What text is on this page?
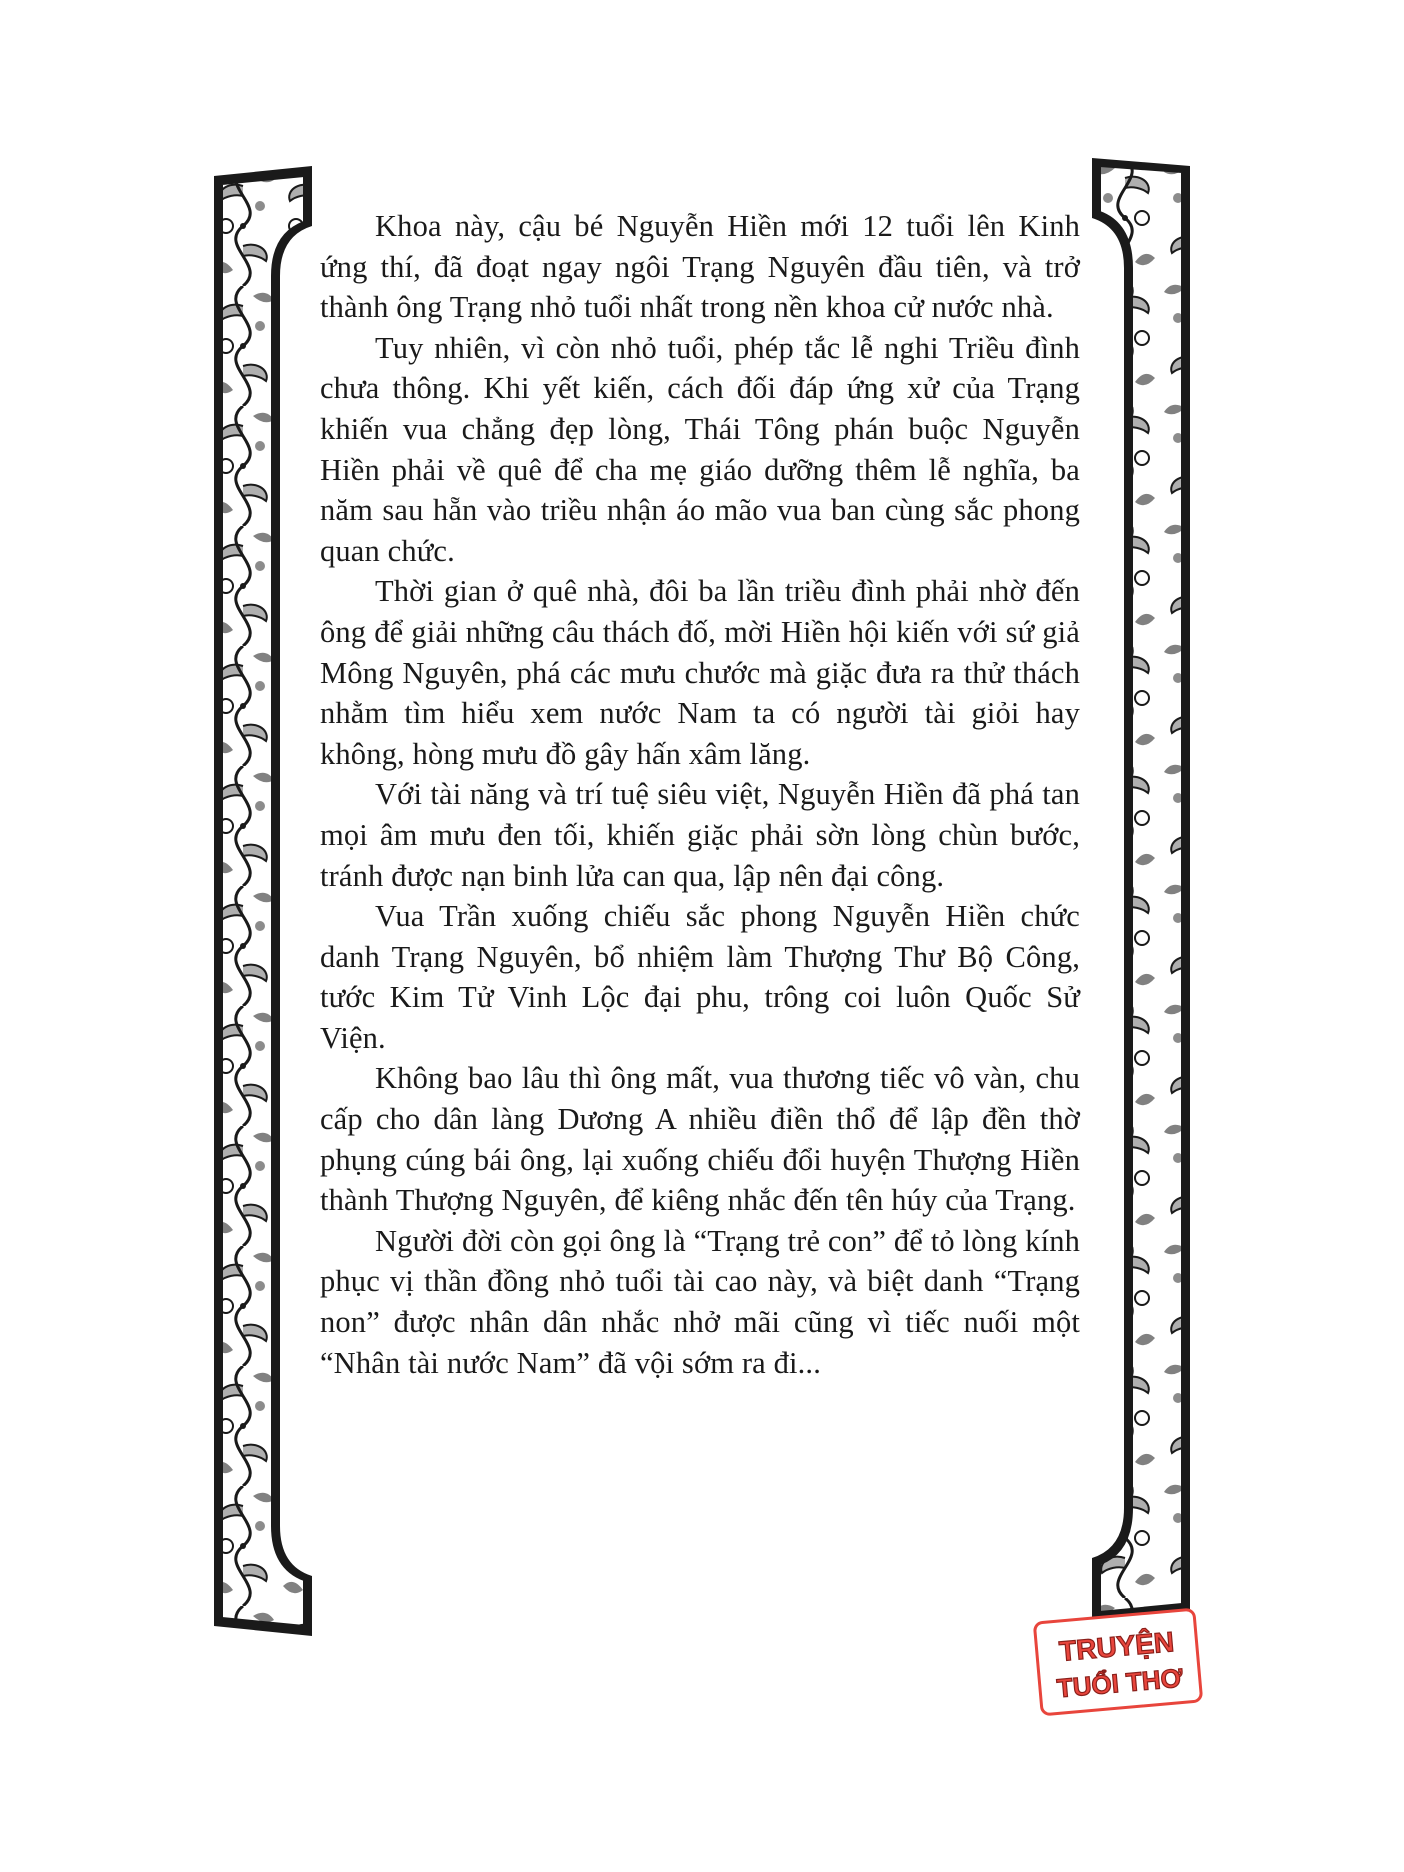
Khoa này, cậu bé Nguyễn Hiền mới 12 tuổi lên Kinh ứng thí, đã đoạt ngay ngôi Trạng Nguyên đầu tiên, và trở thành ông Trạng nhỏ tuổi nhất trong nền khoa cử nước nhà.

Tuy nhiên, vì còn nhỏ tuổi, phép tắc lễ nghi Triều đình chưa thông. Khi yết kiến, cách đối đáp ứng xử của Trạng khiến vua chẳng đẹp lòng, Thái Tông phán buộc Nguyễn Hiền phải về quê để cha mẹ giáo dưỡng thêm lễ nghĩa, ba năm sau hẵn vào triều nhận áo mão vua ban cùng sắc phong quan chức.

Thời gian ở quê nhà, đôi ba lần triều đình phải nhờ đến ông để giải những câu thách đố, mời Hiền hội kiến với sứ giả Mông Nguyên, phá các mưu chước mà giặc đưa ra thử thách nhằm tìm hiểu xem nước Nam ta có người tài giỏi hay không, hòng mưu đồ gây hấn xâm lăng.

Với tài năng và trí tuệ siêu việt, Nguyễn Hiền đã phá tan mọi âm mưu đen tối, khiến giặc phải sờn lòng chùn bước, tránh được nạn binh lửa can qua, lập nên đại công.

Vua Trần xuống chiếu sắc phong Nguyễn Hiền chức danh Trạng Nguyên, bổ nhiệm làm Thượng Thư Bộ Công, tước Kim Tử Vinh Lộc đại phu, trông coi luôn Quốc Sử Viện.

Không bao lâu thì ông mất, vua thương tiếc vô vàn, chu cấp cho dân làng Dương A nhiều điền thổ để lập đền thờ phụng cúng bái ông, lại xuống chiếu đổi huyện Thượng Hiền thành Thượng Nguyên, để kiêng nhắc đến tên húy của Trạng.

Người đời còn gọi ông là “Trạng trẻ con” để tỏ lòng kính phục vị thần đồng nhỏ tuổi tài cao này, và biệt danh “Trạng non” được nhân dân nhắc nhở mãi cũng vì tiếc nuối một “Nhân tài nước Nam” đã vội sớm ra đi...

TRUYỆN
TUỔI THƠ
